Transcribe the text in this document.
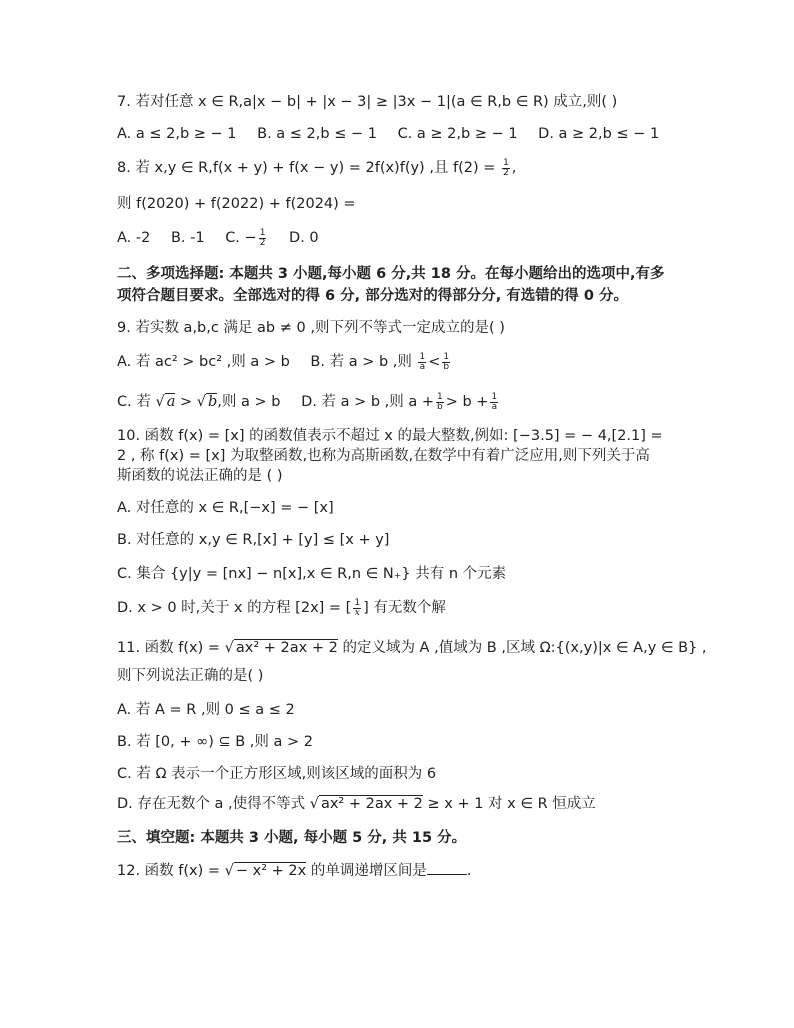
7. 若对任意 x ∈ R,a|x − b| + |x − 3| ≥ |3x − 1|(a ∈ R,b ∈ R) 成立,则( )
A. a ≤ 2,b ≥ − 1 B. a ≤ 2,b ≤ − 1 C. a ≥ 2,b ≥ − 1 D. a ≥ 2,b ≤ − 1
8. 若 x,y ∈ R,f(x + y) + f(x − y) = 2f(x)f(y) ,且 $f(2) = \frac{1}{2}$ ,
则 f(2020) + f(2022) + f(2024) =
A. -2 B. -1 C. − $\frac{1}{2} D$. 0
二、多项选择题: 本题共 3 小题,每小题 6 分,共 18 分。在每小题给出的选项中,有多
项符合题目要求。全部选对的得 6 分, 部分选对的得部分分, 有选错的得 0 分。
9. 若实数 a,b,c 满足 ab ≠ 0 ,则下列不等式一定成立的是( )
A. 若 ac² > bc² ,则 a > b B. 若 a > b ,则 $\frac{1}{a} < \frac{1}{b}$
C. 若 √ a > √ b,则 a > b D. 若 a > b ,则 $a + \frac{1}{b} > b + \frac{1}{a}$
10. 函数 f(x) = [x] 的函数值表示不超过 x 的最大整数,例如: [−3.5] = − 4,[2.1] =
2 , 称 f(x) = [x] 为取整函数,也称为高斯函数,在数学中有着广泛应用,则下列关于高
斯函数的说法正确的是 ( )
A. 对任意的 x ∈ R,[−x] = − [x]
B. 对任意的 x,y ∈ R,[x] + [y] ≤ [x + y]
C. 集合 {y|y = [nx] − n[x],x ∈ R,n ∈ N₊} 共有 n 个元素
D. x > 0 时,关于 x 的方程 [2x] = [ $\frac{1}{x}$ ] 有无数个解
11. 函数 f(x) = √ ax² + 2ax + 2 的定义域为 A ,值域为 B ,区域 Ω:{(x,y)|x ∈ A,y ∈ B} ,
则下列说法正确的是( )
A. 若 A = R ,则 0 ≤ a ≤ 2
B. 若 [0, + ∞) ⊆ B ,则 a > 2
C. 若 Ω 表示一个正方形区域,则该区域的面积为 6
D. 存在无数个 a ,使得不等式 √ ax² + 2ax + 2 ≥ x + 1 对 x ∈ R 恒成立
三、填空题: 本题共 3 小题, 每小题 5 分, 共 15 分。
12. 函数 f(x) = √ − x² + 2x 的单调递增区间是	.
